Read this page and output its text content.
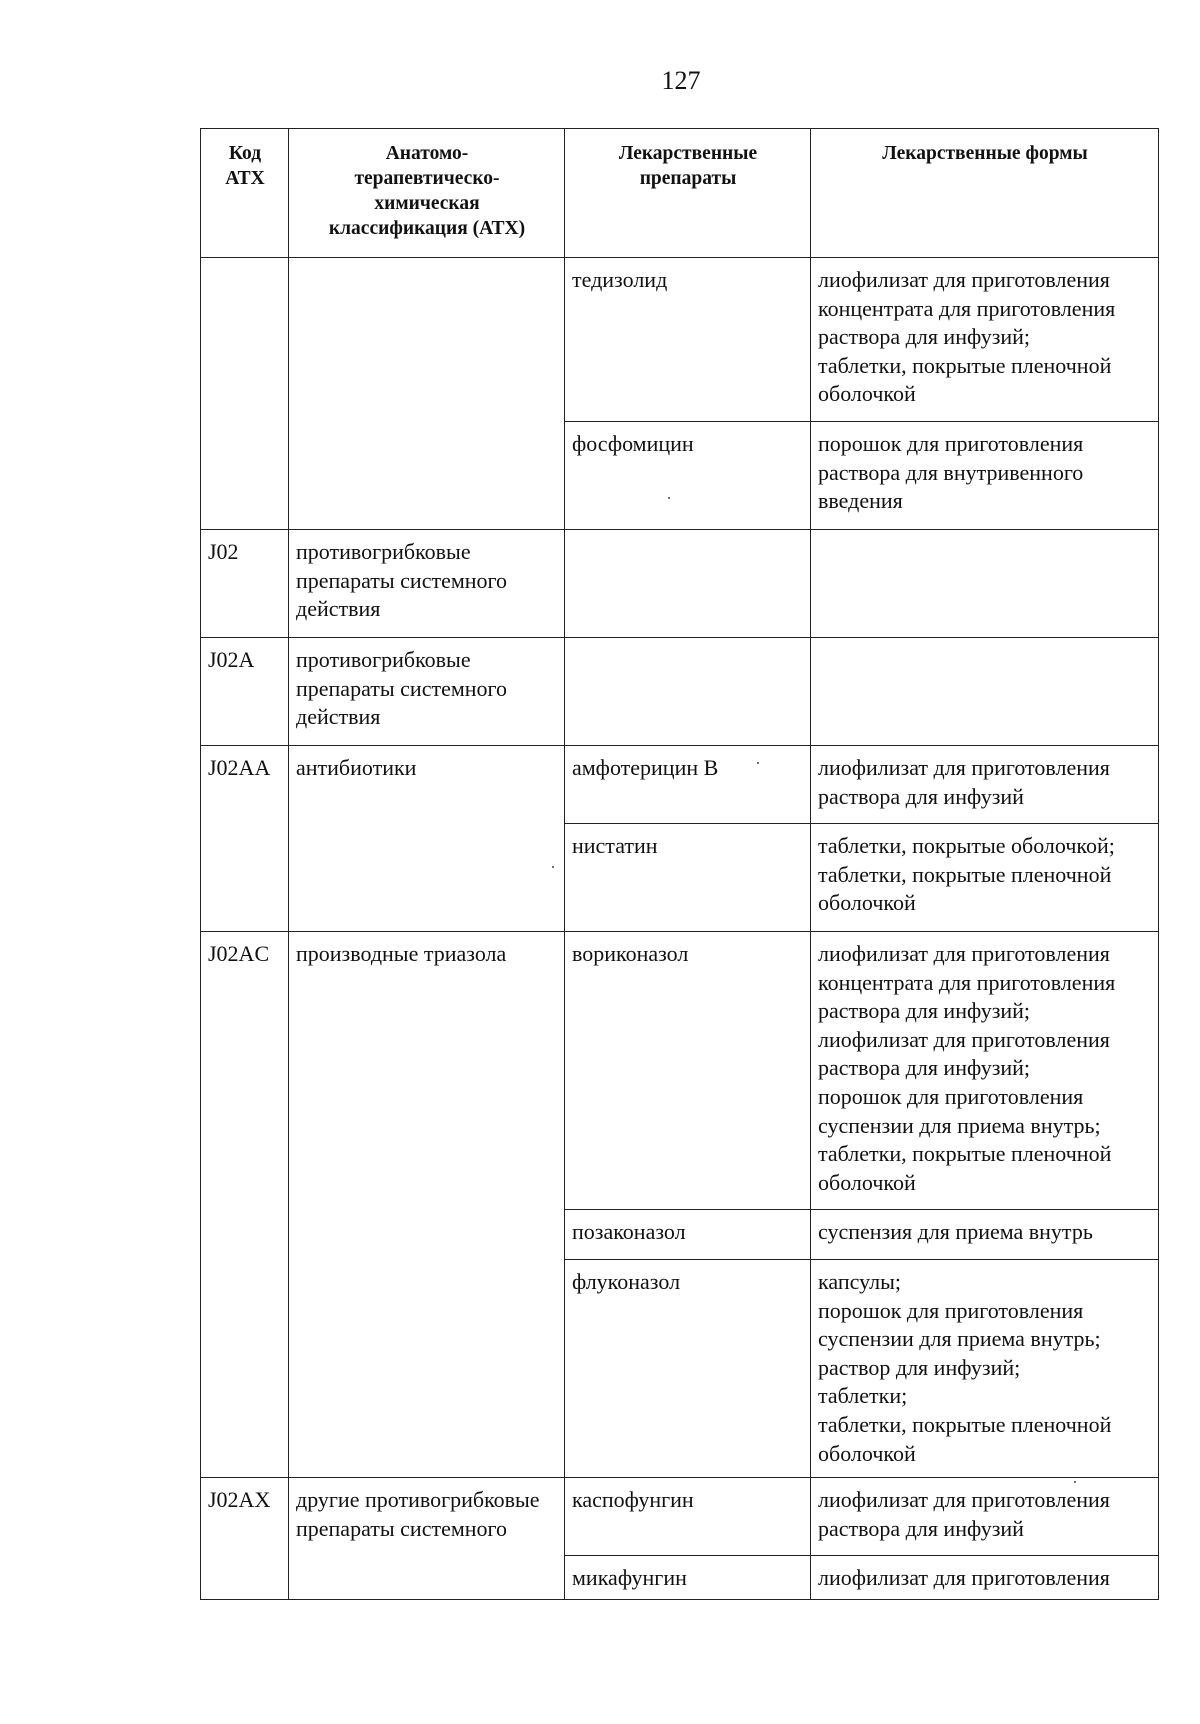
127
Код
АТХ	Анатомо-
терапевтическо-
химическая
классификация (АТХ)	Лекарственные
препараты	Лекарственные формы

		тедизолид	лиофилизат для приготовления концентрата для приготовления раствора для инфузий;
таблетки, покрытые пленочной оболочкой

		фосфомицин	порошок для приготовления раствора для внутривенного введения

J02	противогрибковые препараты системного действия		
J02A	противогрибковые препараты системного действия		
J02AA	антибиотики	амфотерицин В	лиофилизат для приготовления раствора для инфузий
		нистатин	таблетки, покрытые оболочкой;
таблетки, покрытые пленочной оболочкой

J02AC	производные триазола	вориконазол	лиофилизат для приготовления концентрата для приготовления раствора для инфузий;
лиофилизат для приготовления раствора для инфузий;
порошок для приготовления суспензии для приема внутрь;
таблетки, покрытые пленочной оболочкой

		позаконазол	суспензия для приема внутрь
		флуконазол	капсулы;
порошок для приготовления суспензии для приема внутрь;
раствор для инфузий;
таблетки;
таблетки, покрытые пленочной оболочкой

J02AX	другие противогрибковые препараты системного	каспофунгин	лиофилизат для приготовления раствора для инфузий
		микафунгин	лиофилизат для приготовления
